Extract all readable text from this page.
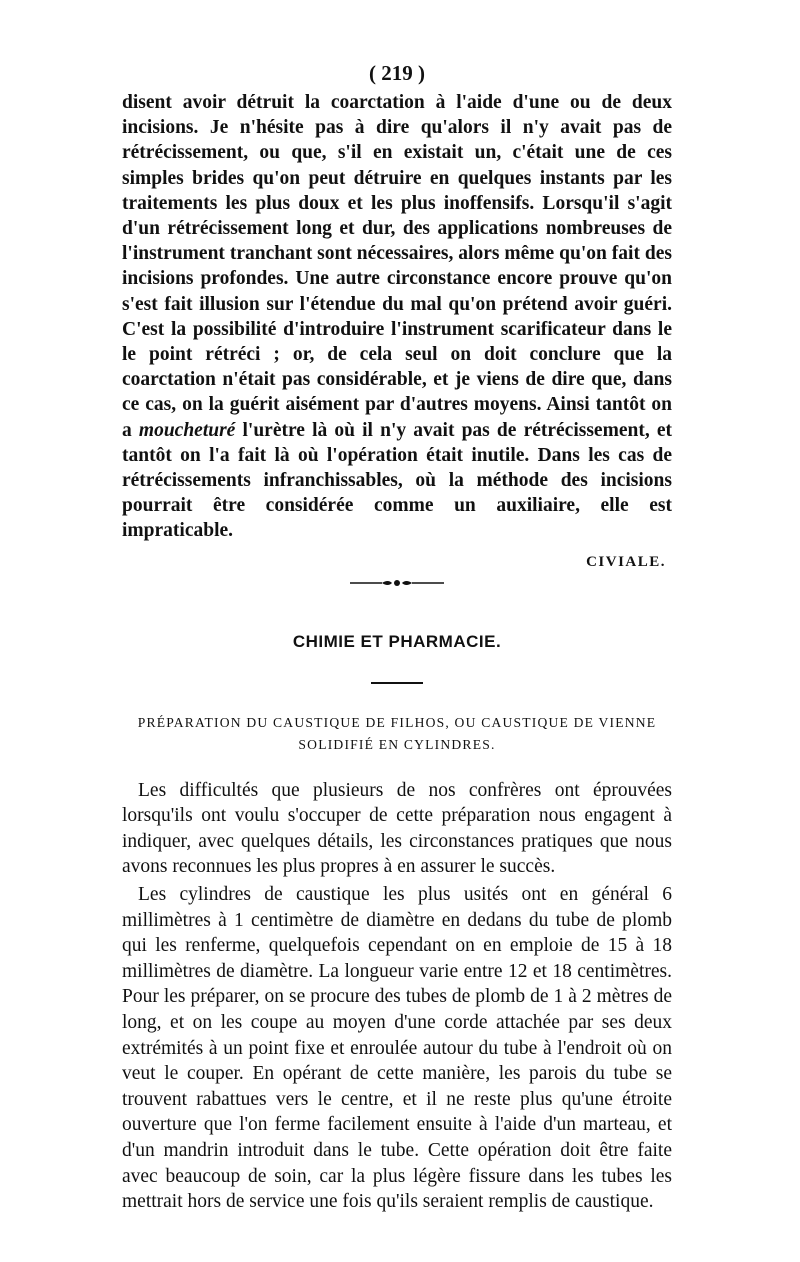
( 219 )

disent avoir détruit la coarctation à l'aide d'une ou de deux incisions. Je n'hésite pas à dire qu'alors il n'y avait pas de rétrécissement, ou que, s'il en existait un, c'était une de ces simples brides qu'on peut détruire en quelques instants par les traitements les plus doux et les plus inoffensifs. Lorsqu'il s'agit d'un rétrécissement long et dur, des applications nombreuses de l'instrument tranchant sont nécessaires, alors même qu'on fait des incisions profondes. Une autre circonstance encore prouve qu'on s'est fait illusion sur l'étendue du mal qu'on prétend avoir guéri. C'est la possibilité d'introduire l'instrument scarificateur dans le le point rétréci ; or, de cela seul on doit conclure que la coarctation n'était pas considérable, et je viens de dire que, dans ce cas, on la guérit aisément par d'autres moyens. Ainsi tantôt on a moucheturé l'urètre là où il n'y avait pas de rétrécissement, et tantôt on l'a fait là où l'opération était inutile. Dans les cas de rétrécissements infranchissables, où la méthode des incisions pourrait être considérée comme un auxiliaire, elle est impraticable.

CIVIALE.
CHIMIE ET PHARMACIE.
PRÉPARATION DU CAUSTIQUE DE FILHOS, OU CAUSTIQUE DE VIENNE SOLIDIFIÉ EN CYLINDRES.

Les difficultés que plusieurs de nos confrères ont éprouvées lorsqu'ils ont voulu s'occuper de cette préparation nous engagent à indiquer, avec quelques détails, les circonstances pratiques que nous avons reconnues les plus propres à en assurer le succès.

Les cylindres de caustique les plus usités ont en général 6 millimètres à 1 centimètre de diamètre en dedans du tube de plomb qui les renferme, quelquefois cependant on en emploie de 15 à 18 millimètres de diamètre. La longueur varie entre 12 et 18 centimètres. Pour les préparer, on se procure des tubes de plomb de 1 à 2 mètres de long, et on les coupe au moyen d'une corde attachée par ses deux extrémités à un point fixe et enroulée autour du tube à l'endroit où on veut le couper. En opérant de cette manière, les parois du tube se trouvent rabattues vers le centre, et il ne reste plus qu'une étroite ouverture que l'on ferme facilement ensuite à l'aide d'un marteau, et d'un mandrin introduit dans le tube. Cette opération doit être faite avec beaucoup de soin, car la plus légère fissure dans les tubes les mettrait hors de service une fois qu'ils seraient remplis de caustique.
